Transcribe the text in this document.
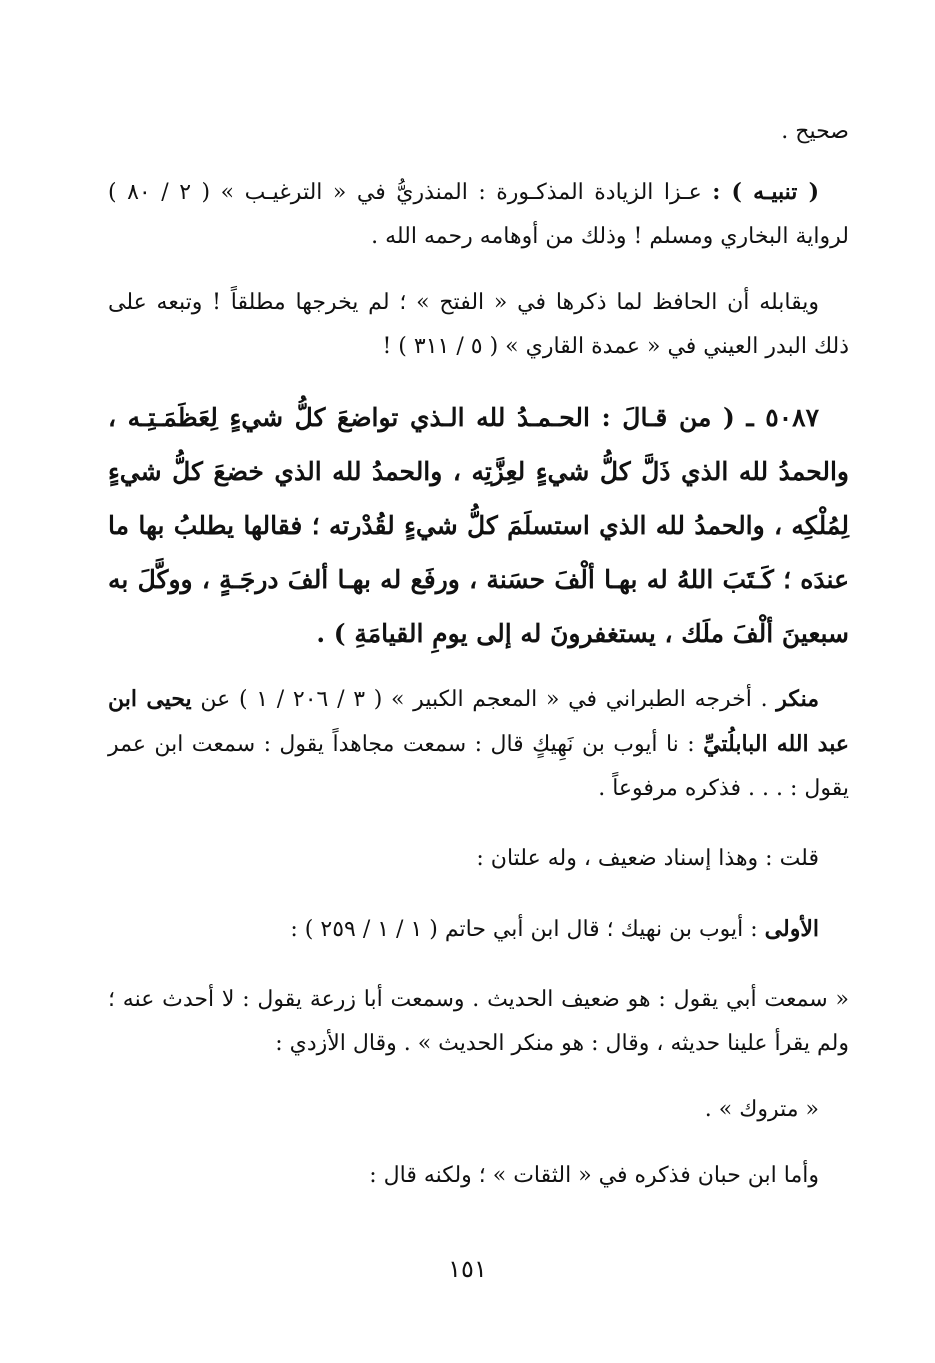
صحيح .

( تنبيـه ) : عـزا الزيادة المذكـورة : المنذريُّ في « الترغيـب » ( ٢ / ٨٠ ) لرواية البخاري ومسلم ! وذلك من أوهامه رحمه الله .

ويقابله أن الحافظ لما ذكرها في « الفتح » ؛ لم يخرجها مطلقاً ! وتبعه على ذلك البدر العيني في « عمدة القاري » ( ٥ / ٣١١ ) !

٥٠٨٧ ـ ( من قـالَ : الحـمـدُ لله الـذي تواضعَ كلُّ شيءٍ لِعَظَمَـتِـه ، والحمدُ لله الذي ذَلَّ كلُّ شيءٍ لعِزَّتِه ، والحمدُ لله الذي خضعَ كلُّ شيءٍ لِمُلْكِه ، والحمدُ لله الذي استسلَمَ كلُّ شيءٍ لقُدْرته ؛ فقالها يطلبُ بها ما عندَه ؛ كَـتَبَ اللهُ له بهـا ألْفَ حسَنة ، ورفَع له بهـا ألفَ درجَـةٍ ، ووكَّلَ به سبعينَ ألْفَ ملَك ، يستغفرونَ له إلى يومِ القيامَةِ ) .

منكر . أخرجه الطبراني في « المعجم الكبير » ( ٣ / ٢٠٦ / ١ ) عن يحيى ابن عبد الله البابلُتيِّ : نا أيوب بن نَهِيكٍ قال : سمعت مجاهداً يقول : سمعت ابن عمر يقول : . . . فذكره مرفوعاً .

قلت : وهذا إسناد ضعيف ، وله علتان :

الأولى : أيوب بن نهيك ؛ قال ابن أبي حاتم ( ١ / ١ / ٢٥٩ ) :

« سمعت أبي يقول : هو ضعيف الحديث . وسمعت أبا زرعة يقول : لا أحدث عنه ؛ ولم يقرأ علينا حديثه ، وقال : هو منكر الحديث » . وقال الأزدي :

« متروك » .

وأما ابن حبان فذكره في « الثقات » ؛ ولكنه قال :

١٥١
